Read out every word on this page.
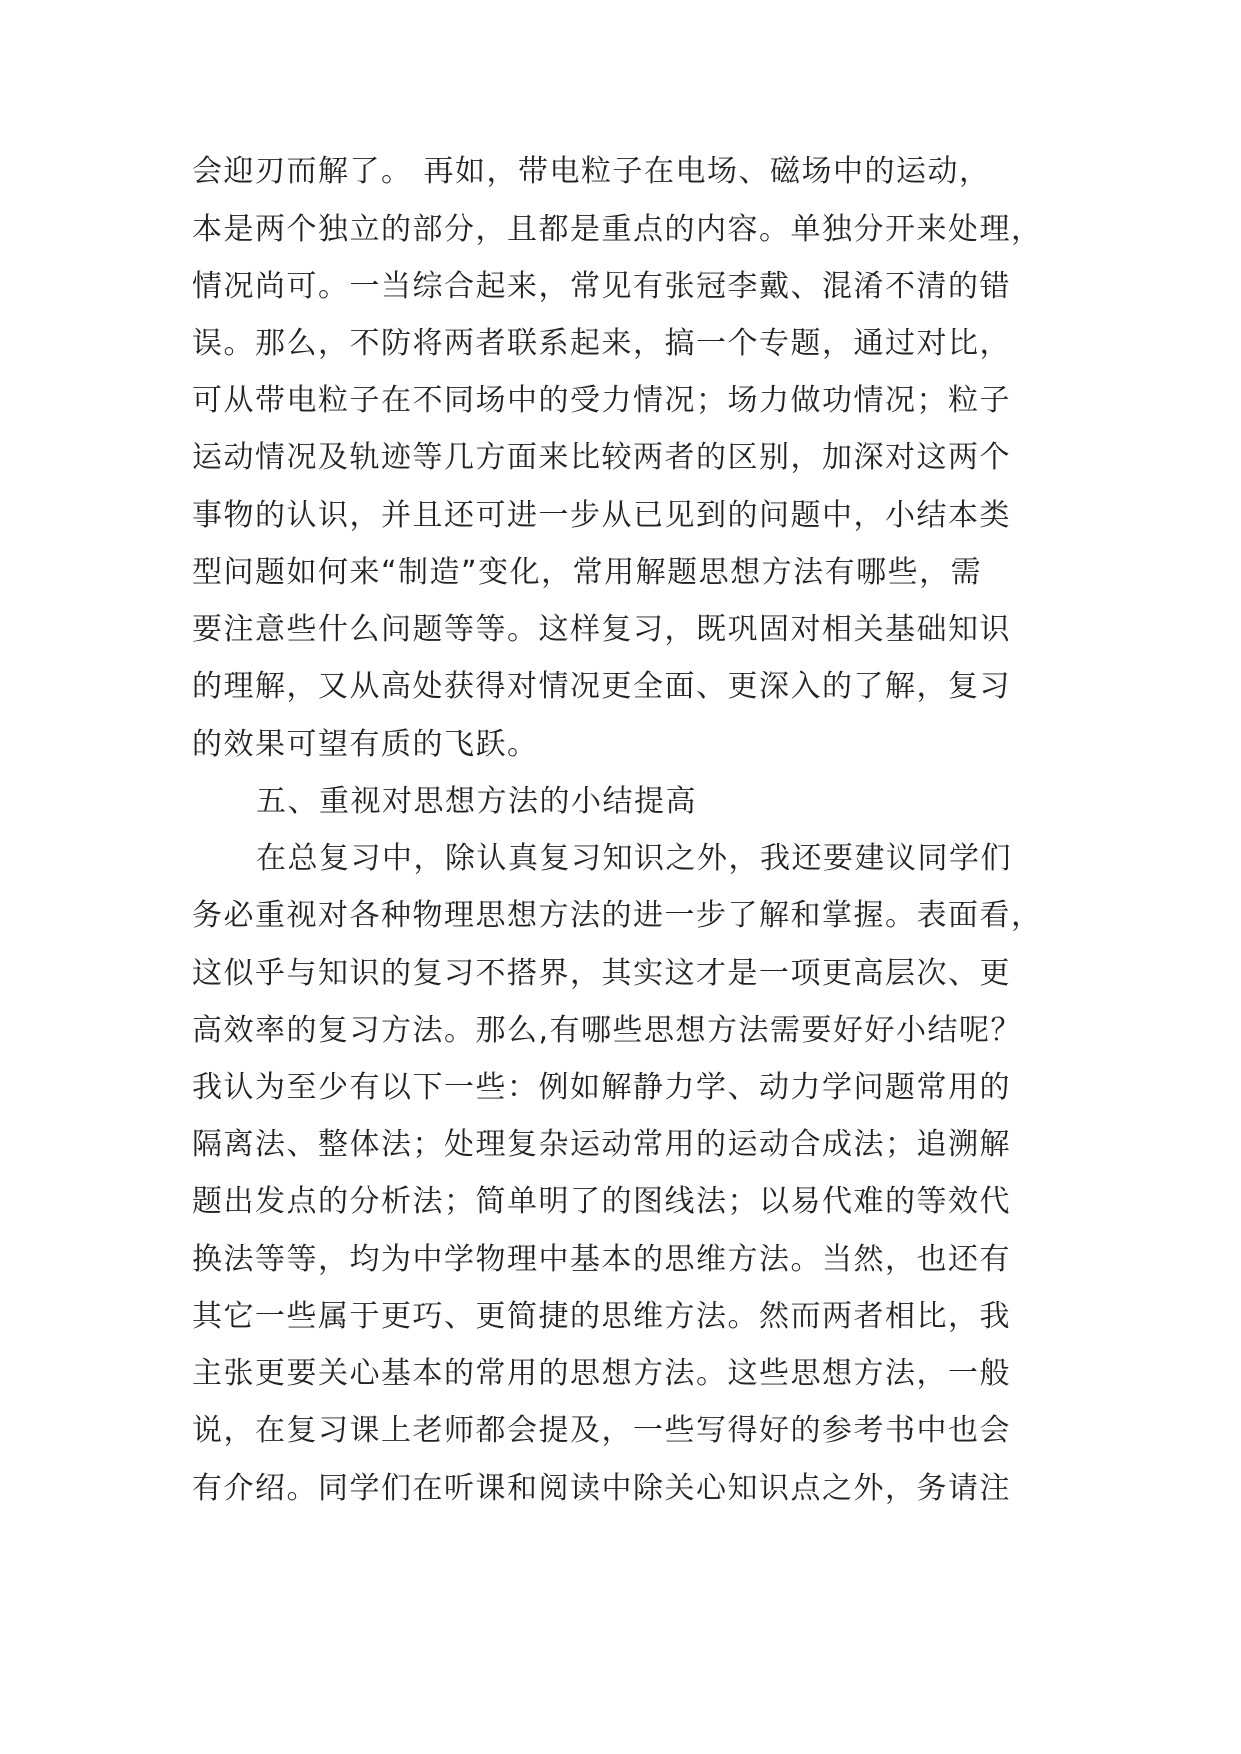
会迎刃而解了。 再如，带电粒子在电场、磁场中的运动，
本是两个独立的部分，且都是重点的内容。单独分开来处理，
情况尚可。一当综合起来，常见有张冠李戴、混淆不清的错
误。那么，不防将两者联系起来，搞一个专题，通过对比，
可从带电粒子在不同场中的受力情况；场力做功情况；粒子
运动情况及轨迹等几方面来比较两者的区别，加深对这两个
事物的认识，并且还可进一步从已见到的问题中，小结本类
型问题如何来“制造”变化，常用解题思想方法有哪些，需
要注意些什么问题等等。这样复习，既巩固对相关基础知识
的理解，又从高处获得对情况更全面、更深入的了解，复习
的效果可望有质的飞跃。
五、重视对思想方法的小结提高
在总复习中，除认真复习知识之外，我还要建议同学们
务必重视对各种物理思想方法的进一步了解和掌握。表面看，
这似乎与知识的复习不搭界，其实这才是一项更高层次、更
高效率的复习方法。那么,有哪些思想方法需要好好小结呢？
我认为至少有以下一些：例如解静力学、动力学问题常用的
隔离法、整体法；处理复杂运动常用的运动合成法；追溯解
题出发点的分析法；简单明了的图线法；以易代难的等效代
换法等等，均为中学物理中基本的思维方法。当然，也还有
其它一些属于更巧、更简捷的思维方法。然而两者相比，我
主张更要关心基本的常用的思想方法。这些思想方法，一般
说，在复习课上老师都会提及，一些写得好的参考书中也会
有介绍。同学们在听课和阅读中除关心知识点之外，务请注
